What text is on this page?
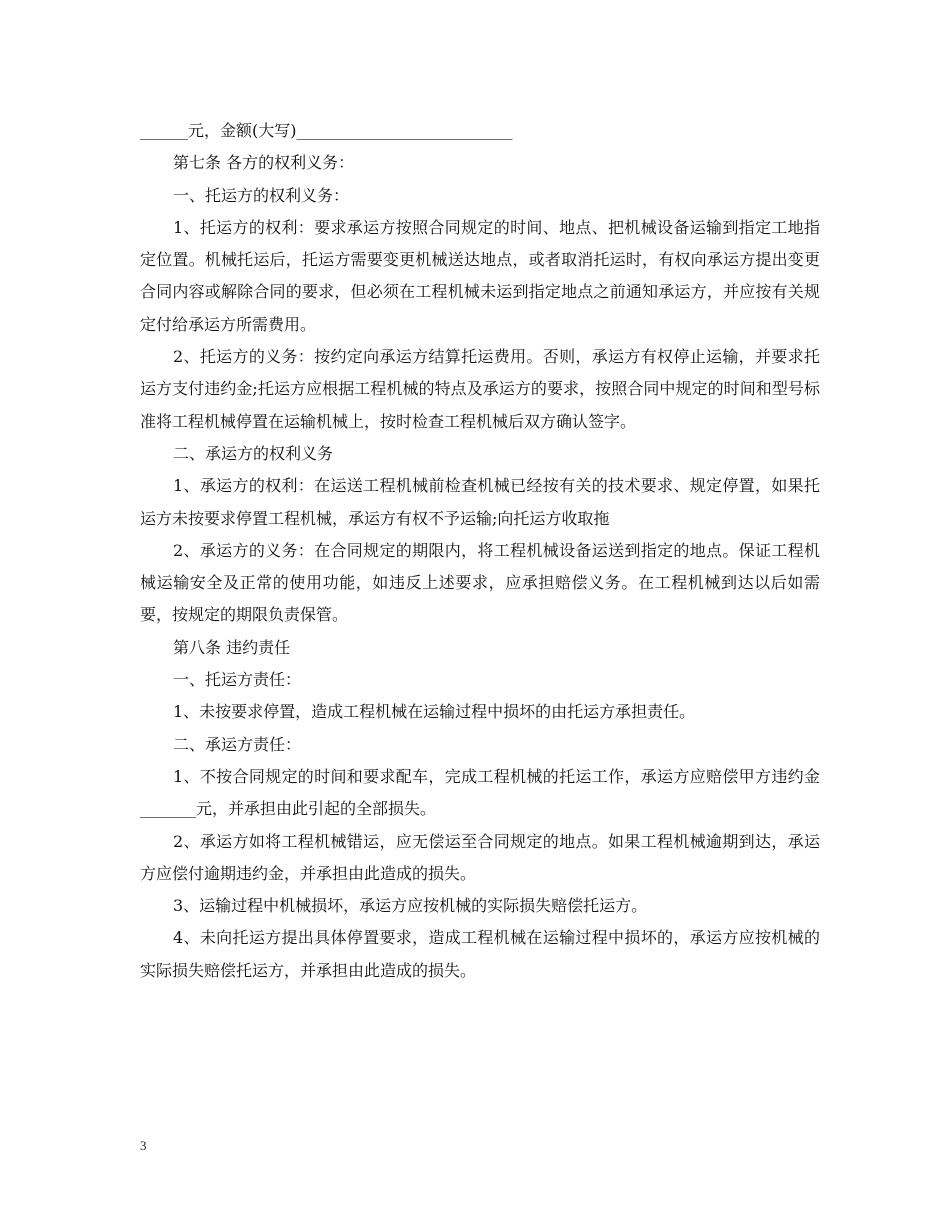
______元，金额(大写)___________________________

第七条 各方的权利义务：

一、托运方的权利义务：

1、托运方的权利：要求承运方按照合同规定的时间、地点、把机械设备运输到指定工地指定位置。机械托运后，托运方需要变更机械送达地点，或者取消托运时，有权向承运方提出变更合同内容或解除合同的要求，但必须在工程机械未运到指定地点之前通知承运方，并应按有关规定付给承运方所需费用。

2、托运方的义务：按约定向承运方结算托运费用。否则，承运方有权停止运输，并要求托运方支付违约金;托运方应根据工程机械的特点及承运方的要求，按照合同中规定的时间和型号标准将工程机械停置在运输机械上，按时检查工程机械后双方确认签字。

二、承运方的权利义务

1、承运方的权利：在运送工程机械前检查机械已经按有关的技术要求、规定停置，如果托运方未按要求停置工程机械，承运方有权不予运输;向托运方收取拖

2、承运方的义务：在合同规定的期限内，将工程机械设备运送到指定的地点。保证工程机械运输安全及正常的使用功能，如违反上述要求，应承担赔偿义务。在工程机械到达以后如需要，按规定的期限负责保管。

第八条 违约责任

一、托运方责任：

1、未按要求停置，造成工程机械在运输过程中损坏的由托运方承担责任。

二、承运方责任：

1、不按合同规定的时间和要求配车，完成工程机械的托运工作，承运方应赔偿甲方违约金_______元，并承担由此引起的全部损失。

2、承运方如将工程机械错运，应无偿运至合同规定的地点。如果工程机械逾期到达，承运方应偿付逾期违约金，并承担由此造成的损失。

3、运输过程中机械损坏，承运方应按机械的实际损失赔偿托运方。

4、未向托运方提出具体停置要求，造成工程机械在运输过程中损坏的，承运方应按机械的实际损失赔偿托运方，并承担由此造成的损失。

3
